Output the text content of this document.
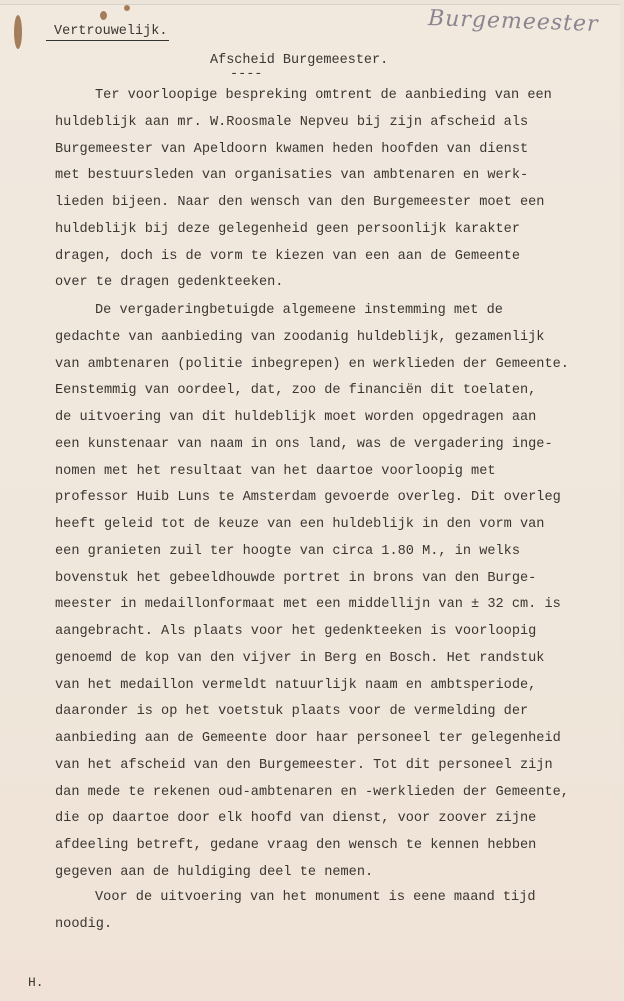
Vertrouwelijk.	Burgemeester
Afscheid Burgemeester.
----
Ter voorloopige bespreking omtrent de aanbieding van een
huldeblijk aan mr. W.Roosmale Nepveu bij zijn afscheid als
Burgemeester van Apeldoorn kwamen heden hoofden van dienst
met bestuursleden van organisaties van ambtenaren en werk-
lieden bijeen. Naar den wensch van den Burgemeester moet een
huldeblijk bij deze gelegenheid geen persoonlijk karakter
dragen, doch is de vorm te kiezen van een aan de Gemeente
over te dragen gedenkteeken.
De vergaderingbetuigde algemeene instemming met de
gedachte van aanbieding van zoodanig huldeblijk, gezamenlijk
van ambtenaren (politie inbegrepen) en werklieden der Gemeente.
Eenstemmig van oordeel, dat, zoo de financiën dit toelaten,
de uitvoering van dit huldeblijk moet worden opgedragen aan
een kunstenaar van naam in ons land, was de vergadering inge-
nomen met het resultaat van het daartoe voorloopig met
professor Huib Luns te Amsterdam gevoerde overleg. Dit overleg
heeft geleid tot de keuze van een huldeblijk in den vorm van
een granieten zuil ter hoogte van circa 1.80 M., in welks
bovenstuk het gebeeldhouwde portret in brons van den Burge-
meester in medaillonformaat met een middellijn van ± 32 cm. is
aangebracht. Als plaats voor het gedenkteeken is voorloopig
genoemd de kop van den vijver in Berg en Bosch. Het randstuk
van het medaillon vermeldt natuurlijk naam en ambtsperiode,
daaronder is op het voetstuk plaats voor de vermelding der
aanbieding aan de Gemeente door haar personeel ter gelegenheid
van het afscheid van den Burgemeester. Tot dit personeel zijn
dan mede te rekenen oud-ambtenaren en -werklieden der Gemeente,
die op daartoe door elk hoofd van dienst, voor zoover zijne
afdeeling betreft, gedane vraag den wensch te kennen hebben
gegeven aan de huldiging deel te nemen.
Voor de uitvoering van het monument is eene maand tijd
noodig.
H.
